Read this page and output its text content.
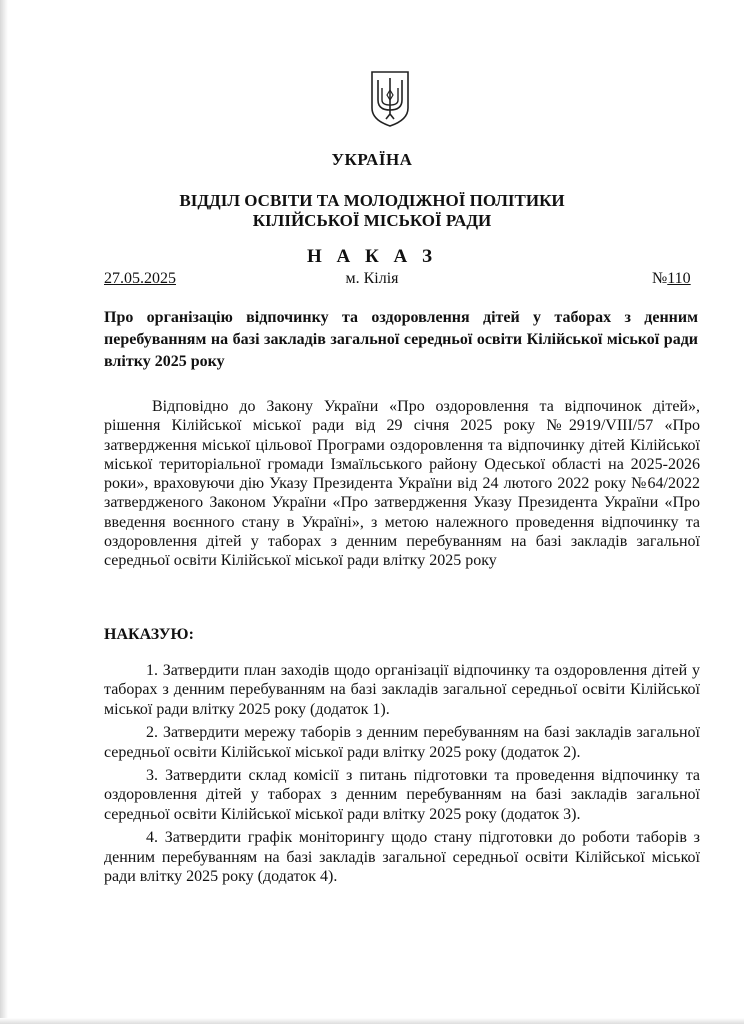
УКРАЇНА
ВІДДІЛ ОСВІТИ ТА МОЛОДІЖНОЇ ПОЛІТИКИ
КІЛІЙСЬКОЇ МІСЬКОЇ РАДИ
Н А К А З
м. Кілія
27.05.2025	№110
Про організацію відпочинку та оздоровлення дітей у таборах з денним перебуванням на базі закладів загальної середньої освіти Кілійської міської ради влітку 2025 року
Відповідно до Закону України «Про оздоровлення та відпочинок дітей», рішення Кілійської міської ради від 29 січня 2025 року №2919/VIII/57 «Про затвердження міської цільової Програми оздоровлення та відпочинку дітей Кілійської міської територіальної громади Ізмаїльського району Одеської області на 2025-2026 роки», враховуючи дію Указу Президента України від 24 лютого 2022 року №64/2022 затвердженого Законом України «Про затвердження Указу Президента України «Про введення воєнного стану в Україні», з метою належного проведення відпочинку та оздоровлення дітей у таборах з денним перебуванням на базі закладів загальної середньої освіти Кілійської міської ради влітку 2025 року
НАКАЗУЮ:

1. Затвердити план заходів щодо організації відпочинку та оздоровлення дітей у таборах з денним перебуванням на базі закладів загальної середньої освіти Кілійської міської ради влітку 2025 року (додаток 1).

2. Затвердити мережу таборів з денним перебуванням на базі закладів загальної середньої освіти Кілійської міської ради влітку 2025 року (додаток 2).

3. Затвердити склад комісії з питань підготовки та проведення відпочинку та оздоровлення дітей у таборах з денним перебуванням на базі закладів загальної середньої освіти Кілійської міської ради влітку 2025 року (додаток 3).

4. Затвердити графік моніторингу щодо стану підготовки до роботи таборів з денним перебуванням на базі закладів загальної середньої освіти Кілійської міської ради влітку 2025 року (додаток 4).
